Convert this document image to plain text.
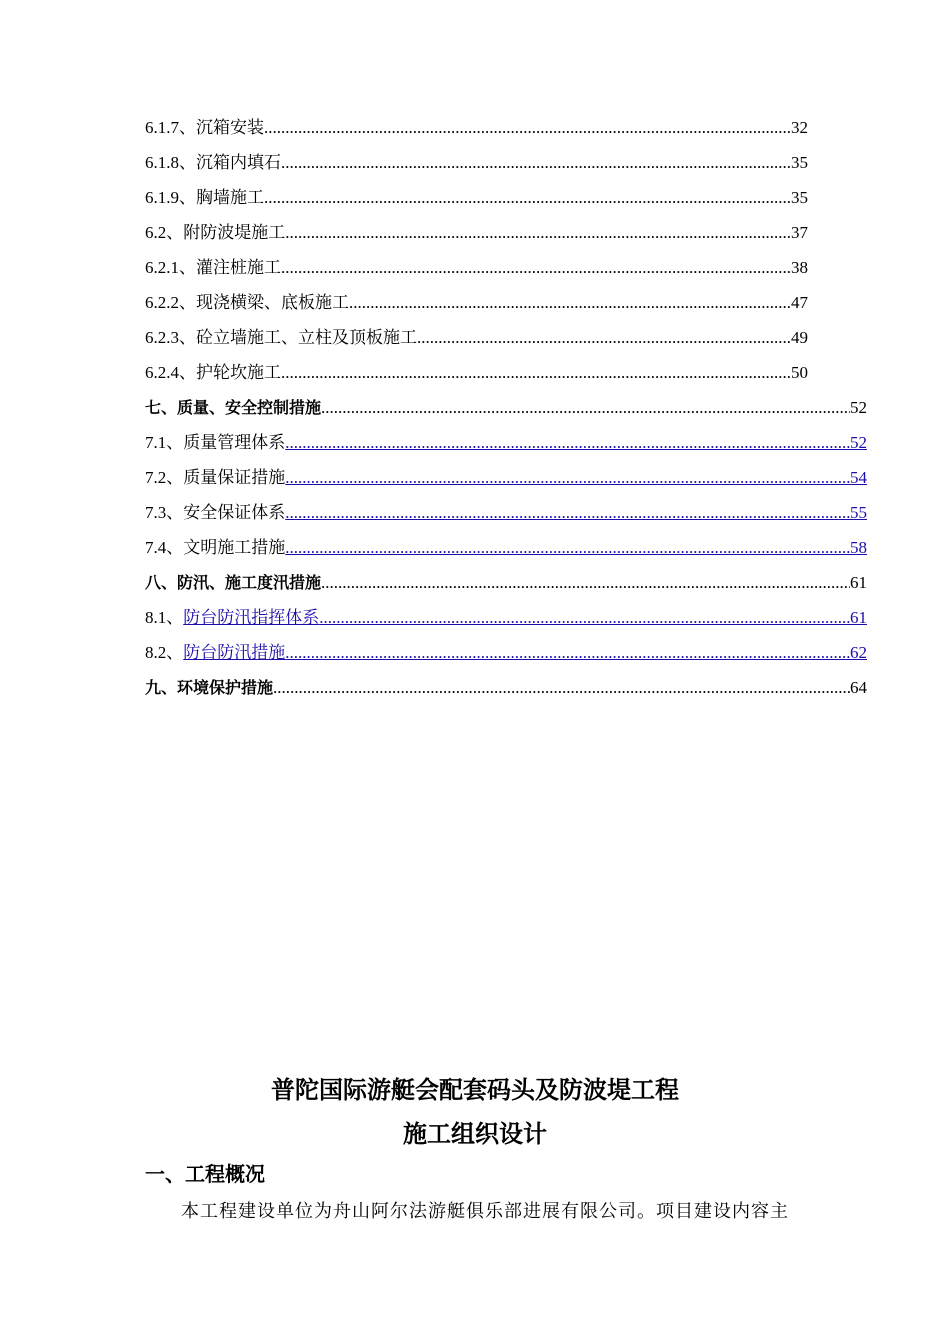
6.1.7、沉箱安装 .....	32
6.1.8、沉箱内填石 .....	35
6.1.9、胸墙施工 .....	35
6.2、附防波堤施工 .....	37
6.2.1、灌注桩施工 .....	38
6.2.2、现浇横梁、底板施工 .....	47
6.2.3、砼立墙施工、立柱及顶板施工 .....	49
6.2.4、护轮坎施工 .....	50
七、质量、安全控制措施 .....	52
7.1、质量管理体系 .....	52
7.2、质量保证措施 .....	54
7.3、安全保证体系 .....	55
7.4、文明施工措施 .....	58
八、防汛、施工度汛措施 .....	61
8.1、防台防汛指挥体系 .....	61
8.2、防台防汛措施 .....	62
九、环境保护措施 .....	64

普陀国际游艇会配套码头及防波堤工程

施工组织设计

一、工程概况

本工程建设单位为舟山阿尔法游艇俱乐部进展有限公司。项目建设内容主
